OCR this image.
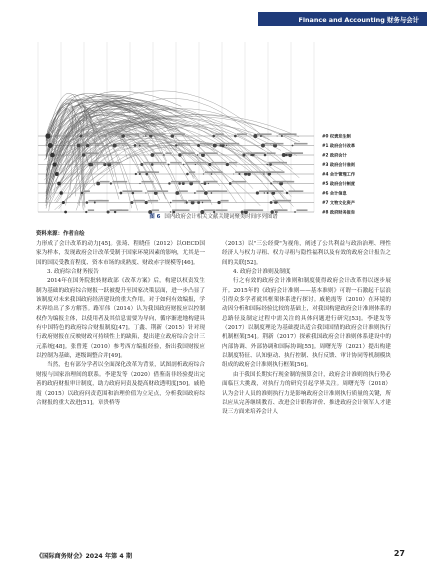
Finance and Accounting 财务与会计
#0 权责发生制
#1 政府会计改革
#2 政府会计
#3 政府会计准则
#4 会计管理工作
#5 政府会计制度
#6 会计信息
#7 文物文化资产
#8 政府财务报告
图 6 国内政府会计相关文献关键词聚类时间序列图谱
资料来源：作者自绘

力形成了会计改革的动力[45]。张琦、程晓佳（2012）以OECD国家为样本，发现政府会计改革受制于国家环境因素的影响，尤其是一国的国民受教育程度、资本市场的成熟度、财政赤字规模等[46]。

3. 政府综合财务报告

2014年在国务院批转财政部《改革方案》后，构建以权责发生制为基础的政府综合财报一跃被提升至国家决策层面，进一步凸显了该制度对未来我国政府经济建设的重大作用。对于如何有效编报，学术界给出了多方解答。路军伟（2014）认为我国政府财报应以控制权作为编报主体，以使用者及其信息需要为导向，循序渐进地构建具有中国特色的政府综合财报制度[47]。丁鑫、荆新（2015）针对现行政府财报在反映财政可持续性上的缺陷，提出建立政府综合会计三元系统[48]。张曾莲（2010）参考西方编报经验，指出我国财报应以控制为基础，逐级调整合并[49]。

当然，也有部分学者以全面深化改革为背景，试图剖析政府综合财报与国家治理间的联系。李建发等（2020）借鉴南非经验提出完善的政府财报审计制度，助力政府问责及提高财政透明度[50]。戚艳霞（2015）以政府问责范围和治理价值为立足点，分析我国政府综合财报的重大改进[51]。章贵桥等

（2013）以"三公经费"为视角，阐述了公共利益与政治治理、理性经济人与权力寻租、权力寻租与隐性福利以及有效的政府会计报告之间的关联[52]。

4. 政府会计准则及制度

行之有效的政府会计准则和制度使得政府会计改革得以逐步展开。2015年的《政府会计准则——基本准则》可谓一石激起千层浪引得众多学者就其框架体系进行探讨。戚艳霞等（2010）在环境的动因分析和国际经验比较的基础上，对我国构建政府会计准则体系的总路径及制定过程中需关注的具体问题进行研究[53]。李建发等（2017）以制度理论为基础提出适合我国国情的政府会计准则执行机制框架[54]。荆新（2017）探索我国政府会计准则体系建设中的内部协调、外部协调和国际协调[55]。周曙光等（2021）提出构建以制度特征、认知驱动、执行控制、执行反馈、审计协同等机制模块组成的政府会计准则执行框架[56]。

由于我国长期实行现金制的预算会计，政府会计准则的执行势必面临巨大挑战，对执行力的研究引起学界关注。周曙光等（2018）认为会计人员的准则执行力是影响政府会计准则执行质量的关键，所以应从完善继续教育、改进会计职称评价、推进政府会计领军人才建设三方面来培养会计人

《国际商务财会》2024 年第 4 期	27
